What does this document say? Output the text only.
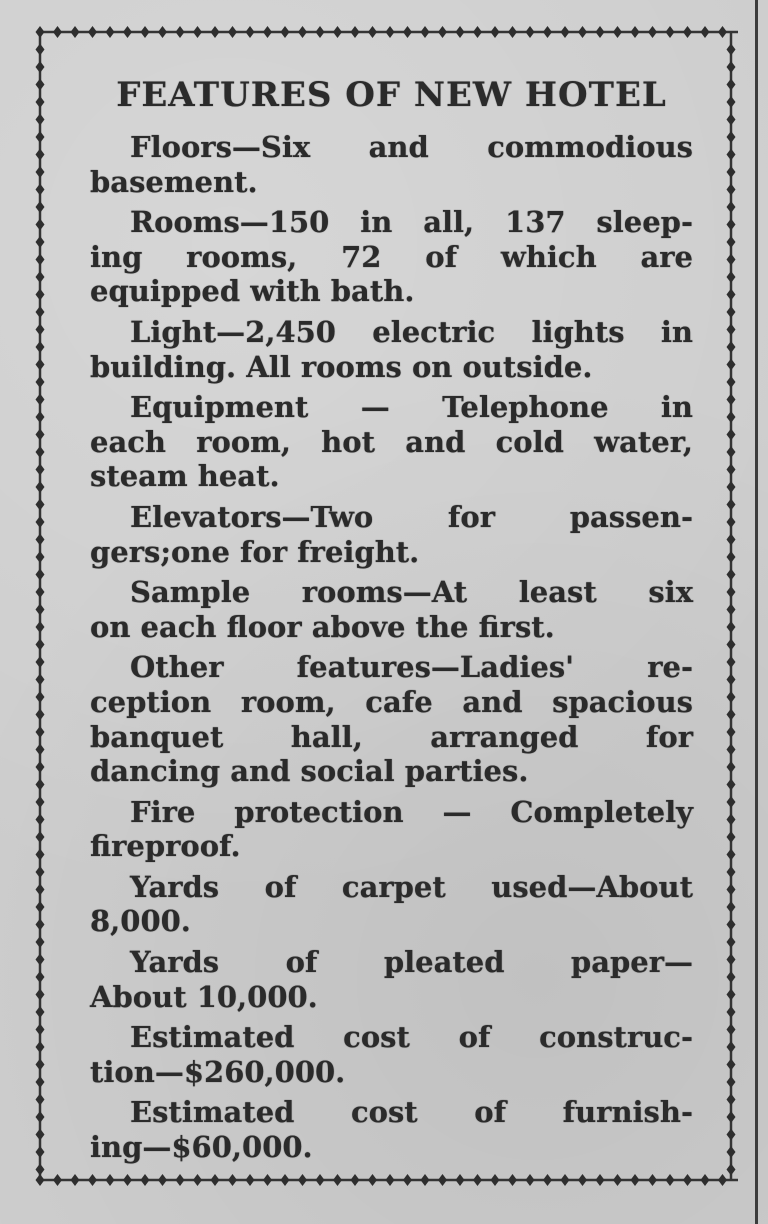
FEATURES OF NEW HOTEL
Floors—Six and commodious
basement.
Rooms—150 in all, 137 sleep-
ing rooms, 72 of which are
equipped with bath.
Light—2,450 electric lights in
building. All rooms on outside.
Equipment — Telephone in
each room, hot and cold water,
steam heat.
Elevators—Two for passen-
gers;one for freight.
Sample rooms—At least six
on each floor above the first.
Other features—Ladies' re-
ception room, cafe and spacious
banquet hall, arranged for
dancing and social parties.
Fire protection — Completely
fireproof.
Yards of carpet used—About
8,000.
Yards of pleated paper—
About 10,000.
Estimated cost of construc-
tion—$260,000.
Estimated cost of furnish-
ing—$60,000.
